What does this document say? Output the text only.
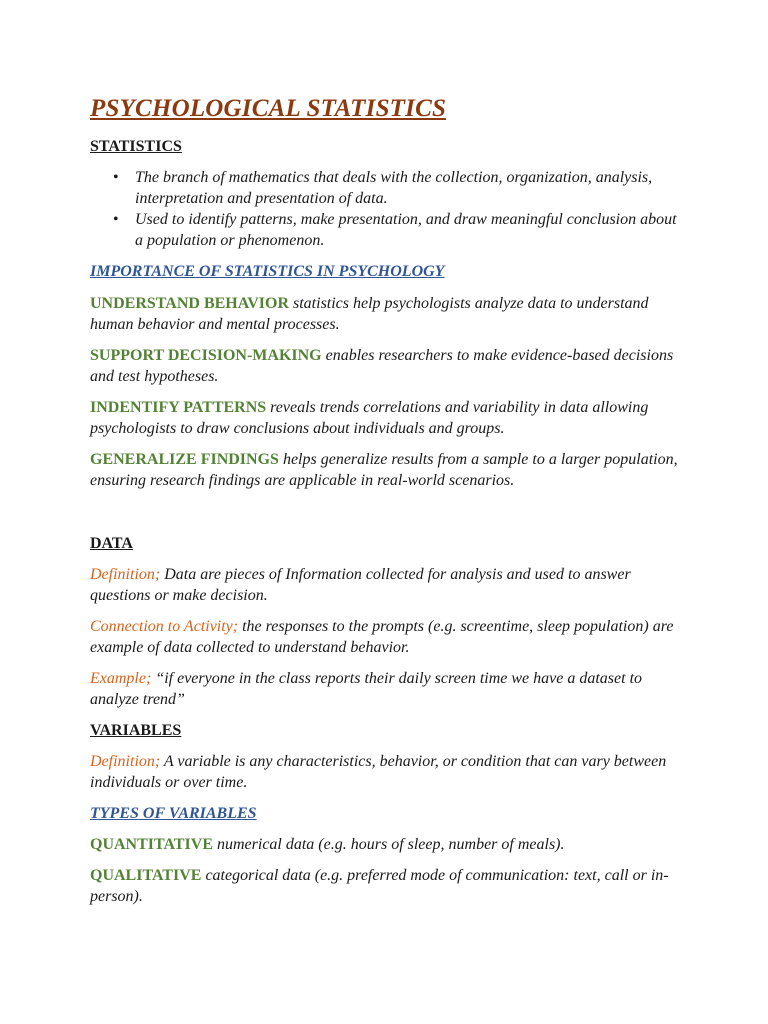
PSYCHOLOGICAL STATISTICS
STATISTICS
• The branch of mathematics that deals with the collection, organization, analysis, interpretation and presentation of data.
• Used to identify patterns, make presentation, and draw meaningful conclusion about a population or phenomenon.
IMPORTANCE OF STATISTICS IN PSYCHOLOGY

UNDERSTAND BEHAVIOR statistics help psychologists analyze data to understand human behavior and mental processes.

SUPPORT DECISION-MAKING enables researchers to make evidence-based decisions and test hypotheses.

INDENTIFY PATTERNS reveals trends correlations and variability in data allowing psychologists to draw conclusions about individuals and groups.

GENERALIZE FINDINGS helps generalize results from a sample to a larger population, ensuring research findings are applicable in real-world scenarios.

DATA

Definition; Data are pieces of Information collected for analysis and used to answer questions or make decision.

Connection to Activity; the responses to the prompts (e.g. screentime, sleep population) are example of data collected to understand behavior.

Example; “if everyone in the class reports their daily screen time we have a dataset to analyze trend”

VARIABLES

Definition; A variable is any characteristics, behavior, or condition that can vary between individuals or over time.

TYPES OF VARIABLES

QUANTITATIVE numerical data (e.g. hours of sleep, number of meals).

QUALITATIVE categorical data (e.g. preferred mode of communication: text, call or in-person).
